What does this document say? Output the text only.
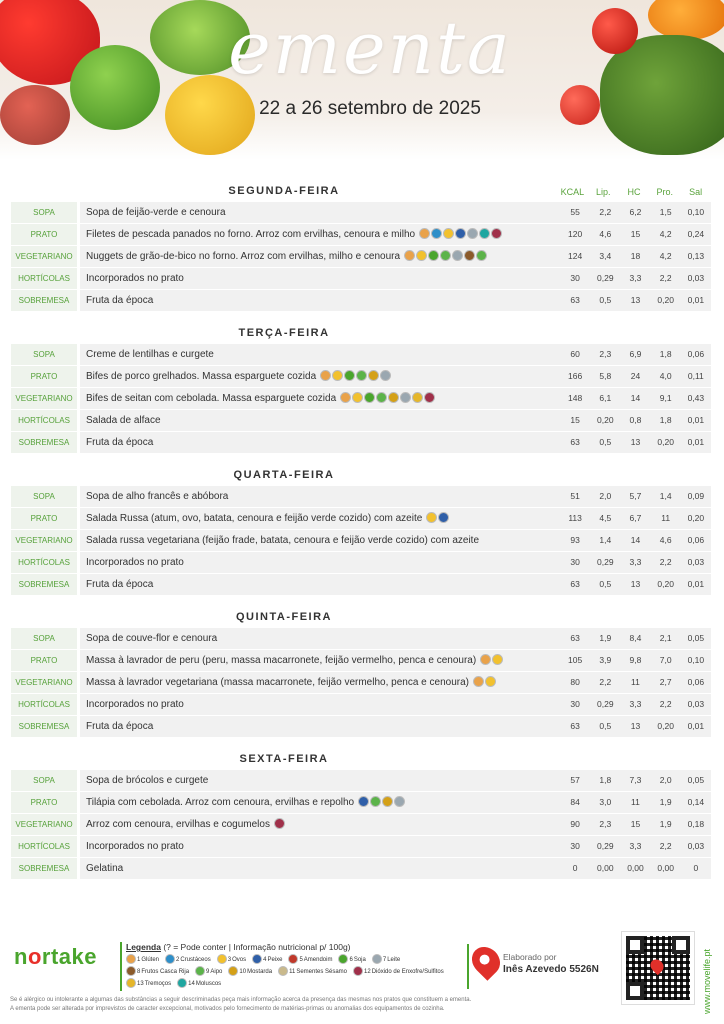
ementa
22 a 26 setembro de 2025
SEGUNDA-FEIRA	KCAL	Lip.	HC	Pro.	Sal
SOPA	Sopa de feijão-verde e cenoura	55	2,2	6,2	1,5	0,10
PRATO	Filetes de pescada panados no forno. Arroz com ervilhas, cenoura e milho	120	4,6	15	4,2	0,24
VEGETARIANO	Nuggets de grão-de-bico no forno. Arroz com ervilhas, milho e cenoura	124	3,4	18	4,2	0,13
HORTÍCOLAS	Incorporados no prato	30	0,29	3,3	2,2	0,03
SOBREMESA	Fruta da época	63	0,5	13	0,20	0,01
TERÇA-FEIRA
SOPA	Creme de lentilhas e curgete	60	2,3	6,9	1,8	0,06
PRATO	Bifes de porco grelhados. Massa esparguete cozida	166	5,8	24	4,0	0,11
VEGETARIANO	Bifes de seitan com cebolada. Massa esparguete cozida	148	6,1	14	9,1	0,43
HORTÍCOLAS	Salada de alface	15	0,20	0,8	1,8	0,01
SOBREMESA	Fruta da época	63	0,5	13	0,20	0,01
QUARTA-FEIRA
SOPA	Sopa de alho francês e abóbora	51	2,0	5,7	1,4	0,09
PRATO	Salada Russa (atum, ovo, batata, cenoura e feijão verde cozido) com azeite	113	4,5	6,7	11	0,20
VEGETARIANO	Salada russa vegetariana (feijão frade, batata, cenoura e feijão verde cozido) com azeite	93	1,4	14	4,6	0,06
HORTÍCOLAS	Incorporados no prato	30	0,29	3,3	2,2	0,03
SOBREMESA	Fruta da época	63	0,5	13	0,20	0,01
QUINTA-FEIRA
SOPA	Sopa de couve-flor e cenoura	63	1,9	8,4	2,1	0,05
PRATO	Massa à lavrador de peru (peru, massa macarronete, feijão vermelho, penca e cenoura)	105	3,9	9,8	7,0	0,10
VEGETARIANO	Massa à lavrador vegetariana (massa macarronete, feijão vermelho, penca e cenoura)	80	2,2	11	2,7	0,06
HORTÍCOLAS	Incorporados no prato	30	0,29	3,3	2,2	0,03
SOBREMESA	Fruta da época	63	0,5	13	0,20	0,01
SEXTA-FEIRA
SOPA	Sopa de brócolos e curgete	57	1,8	7,3	2,0	0,05
PRATO	Tilápia com cebolada. Arroz com cenoura, ervilhas e repolho	84	3,0	11	1,9	0,14
VEGETARIANO	Arroz com cenoura, ervilhas e cogumelos	90	2,3	15	1,9	0,18
HORTÍCOLAS	Incorporados no prato	30	0,29	3,3	2,2	0,03
SOBREMESA	Gelatina	0	0,00	0,00	0,00	0
nortake	Legenda (? = Pode conter | Informação nutricional p/ 100g)
1 Glúten	2 Crustáceos	3 Ovos	4 Peixe	5 Amendoim	6 Soja	7 Leite
8 Frutos Casca Rija	9 Aipo	10 Mostarda	11 Sementes Sésamo	12 Dióxido de Enxofre/Sulfitos
13 Tremoços	14 Moluscos
Elaborado por
Inês Azevedo 5526N	www.movelife.pt
Se é alérgico ou intolerante a algumas das substâncias a seguir descriminadas peça mais informação acerca da presença das mesmas nos pratos que constituem a ementa.
A ementa pode ser alterada por imprevistos de caracter excepcional, motivados pelo fornecimento de matérias-primas ou anomalias dos equipamentos de cozinha.
